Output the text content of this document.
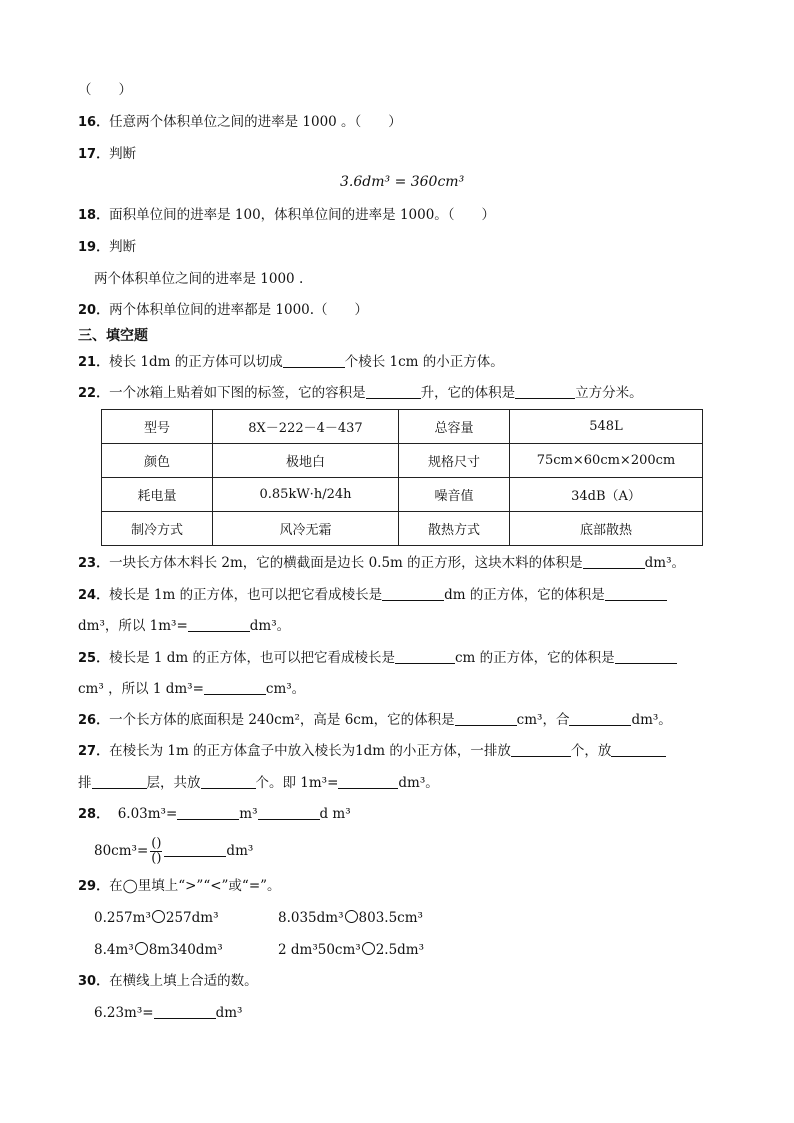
（　　）
16．任意两个体积单位之间的进率是 1000 。（　　）
17．判断
3.6dm³ = 360cm³
18．面积单位间的进率是 100，体积单位间的进率是 1000。（　　）
19．判断
两个体积单位之间的进率是 1000 .
20．两个体积单位间的进率都是 1000.（　　）
三、填空题
21．棱长 1dm 的正方体可以切成	个棱长 1cm 的小正方体。
22．一个冰箱上贴着如下图的标签，它的容积是	升，它的体积是	立方分米。
型号	8X－222－4－437	总容量	548L
颜色	极地白	规格尺寸	75cm×60cm×200cm
耗电量	0.85kW·h/24h	噪音值	34dB（A）
制冷方式	风冷无霜	散热方式	底部散热
23．一块长方体木料长 2m，它的横截面是边长 0.5m 的正方形，这块木料的体积是	dm³。
24．棱长是 1m 的正方体，也可以把它看成棱长是	dm 的正方体，它的体积是
dm³，所以 1m³=	dm³。
25．棱长是 1 dm 的正方体，也可以把它看成棱长是	cm 的正方体，它的体积是
cm³ ，所以 1 dm³=	cm³。
26．一个长方体的底面积是 240cm²，高是 6cm，它的体积是	cm³，合	dm³。
27．在棱长为 1m 的正方体盒子中放入棱长为1dm 的小正方体，一排放	个，放
排	层，共放	个。即 1m³=	dm³。
28． 6.03m³=	m³	d m³
$80cm^3= \frac{()}{()}$	dm³
29．在◯里填上“>”“<”或“=”。
0.257m³ 257dm³	8.035dm³ 803.5cm³
8.4m³ 8m340dm³	2 dm³50cm³ 2.5dm³
30．在横线上填上合适的数。
6.23m³=	dm³
